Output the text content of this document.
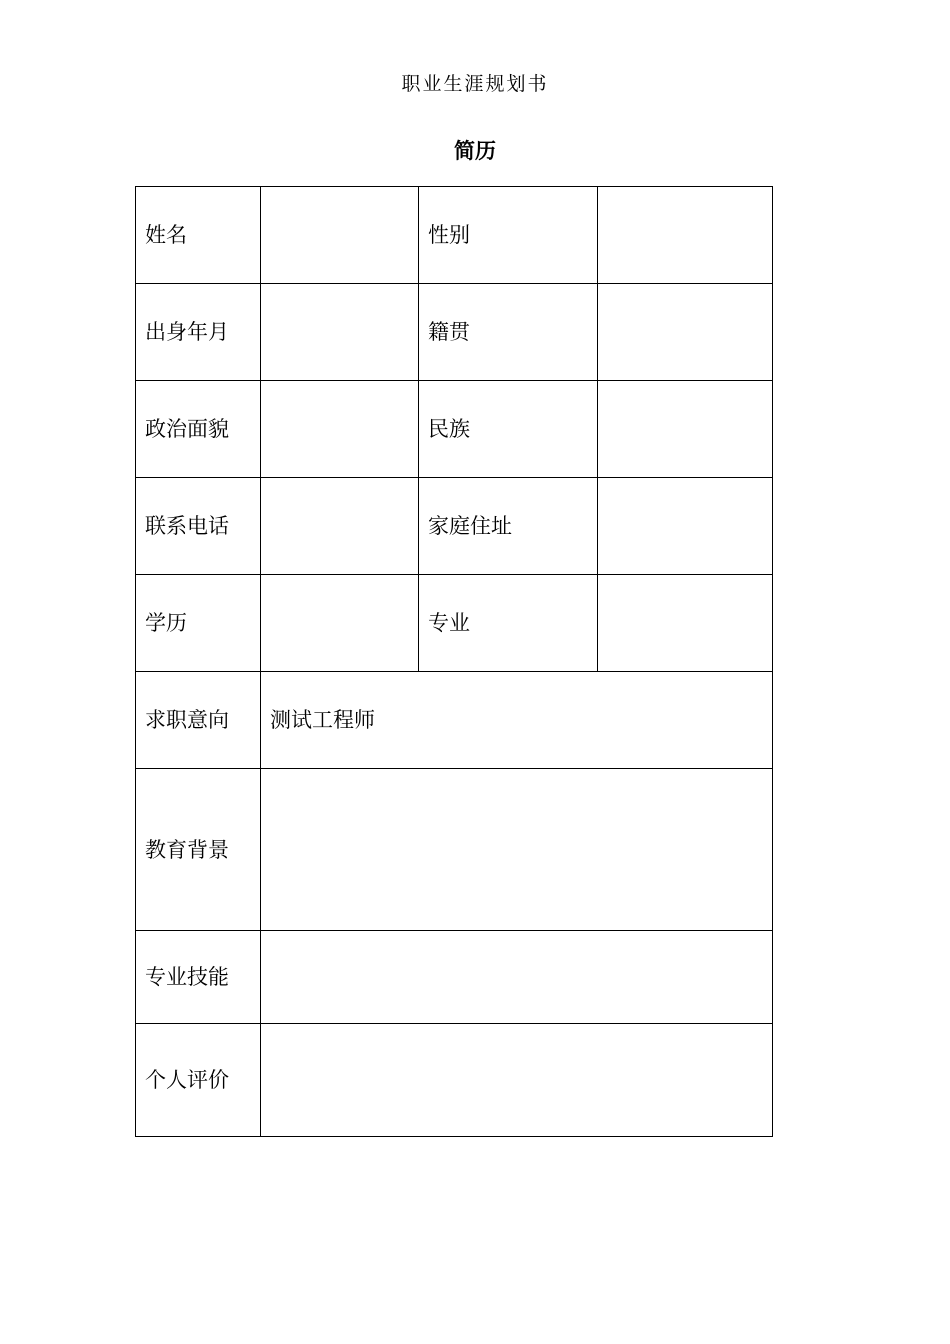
职业生涯规划书
简历
姓名		性别	
出身年月		籍贯	
政治面貌		民族	
联系电话		家庭住址	
学历		专业	
求职意向	测试工程师		
教育背景			
专业技能			
个人评价			
